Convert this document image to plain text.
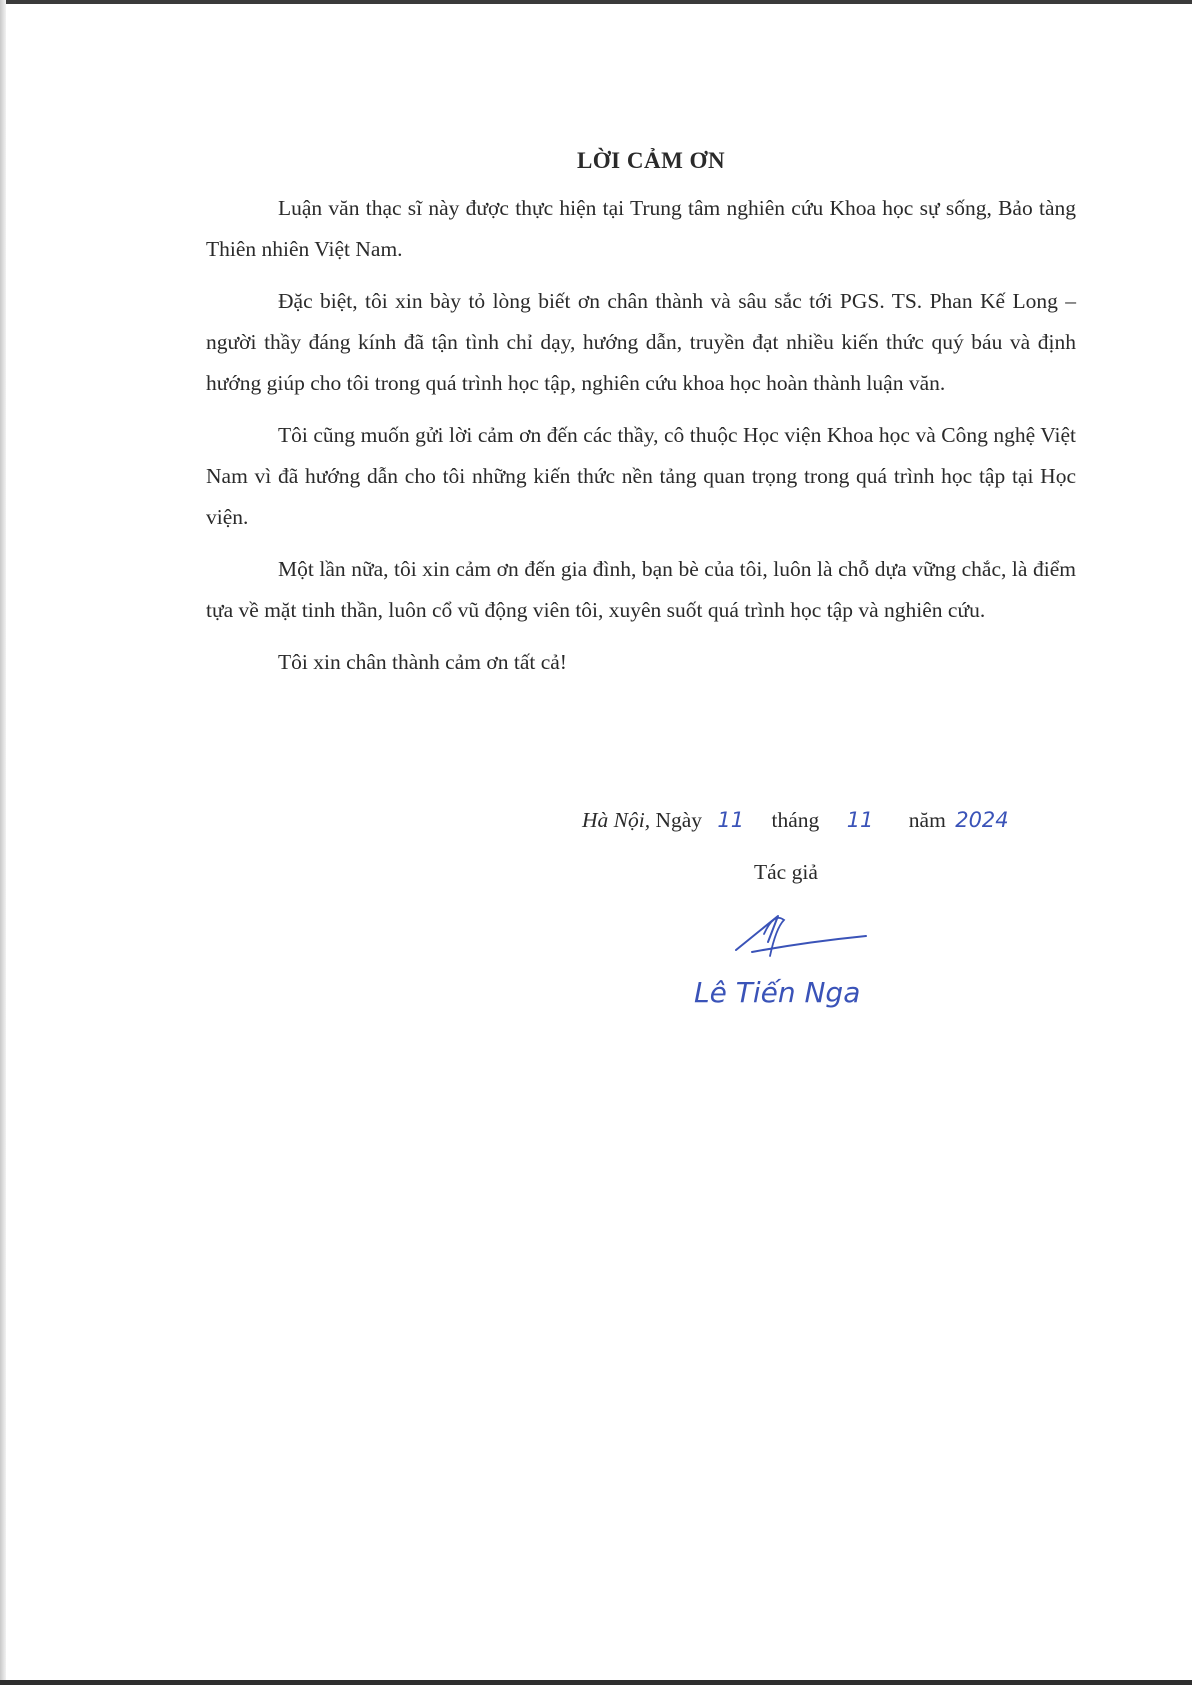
LỜI CẢM ƠN

Luận văn thạc sĩ này được thực hiện tại Trung tâm nghiên cứu Khoa học sự sống, Bảo tàng Thiên nhiên Việt Nam.

Đặc biệt, tôi xin bày tỏ lòng biết ơn chân thành và sâu sắc tới PGS. TS. Phan Kế Long – người thầy đáng kính đã tận tình chỉ dạy, hướng dẫn, truyền đạt nhiều kiến thức quý báu và định hướng giúp cho tôi trong quá trình học tập, nghiên cứu khoa học hoàn thành luận văn.

Tôi cũng muốn gửi lời cảm ơn đến các thầy, cô thuộc Học viện Khoa học và Công nghệ Việt Nam vì đã hướng dẫn cho tôi những kiến thức nền tảng quan trọng trong quá trình học tập tại Học viện.

Một lần nữa, tôi xin cảm ơn đến gia đình, bạn bè của tôi, luôn là chỗ dựa vững chắc, là điểm tựa về mặt tinh thần, luôn cổ vũ động viên tôi, xuyên suốt quá trình học tập và nghiên cứu.

Tôi xin chân thành cảm ơn tất cả!

Hà Nội, Ngày 11 tháng 11 năm 2024
Tác giả
Lê Tiến Nga
